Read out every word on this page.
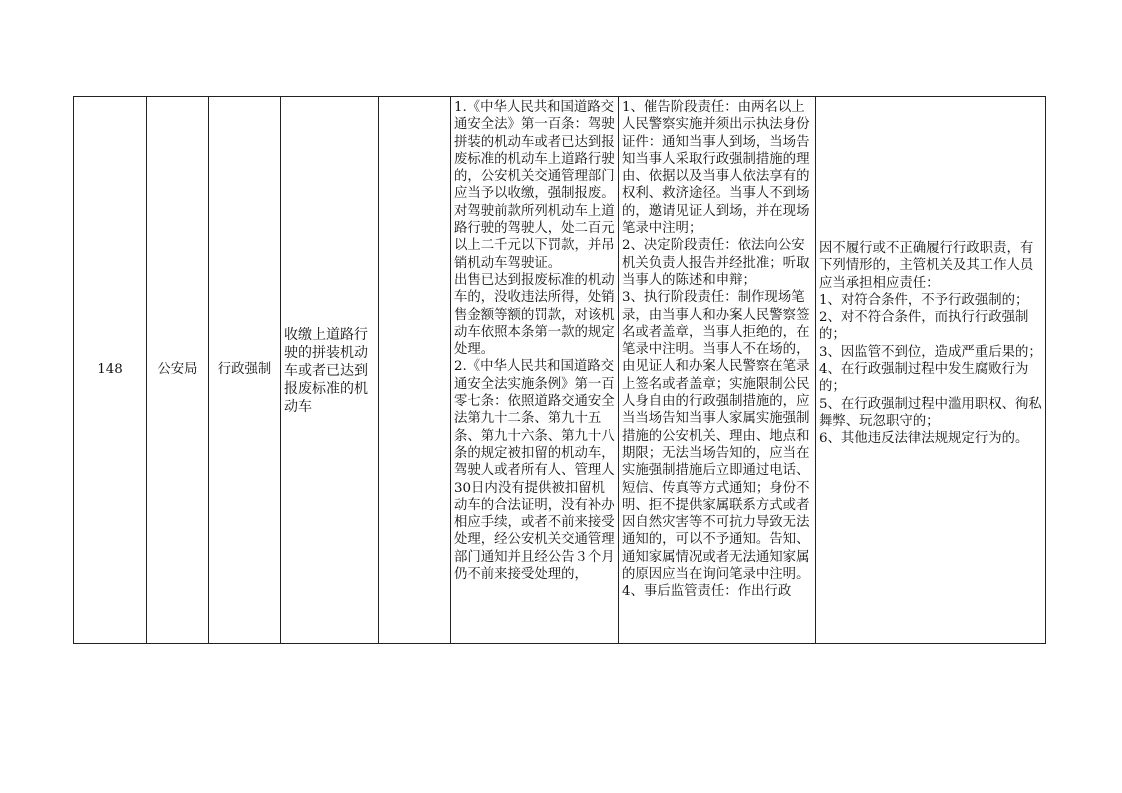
148	公安局 行政强制
收缴上道路行驶的拼装机动车或者已达到报废标准的机动车
1.《中华人民共和国道路交通安全法》第一百条：驾驶拼装的机动车或者已达到报废标准的机动车上道路行驶的，公安机关交通管理部门应当予以收缴，强制报废。
对驾驶前款所列机动车上道路行驶的驾驶人，处二百元以上二千元以下罚款，并吊销机动车驾驶证。
出售已达到报废标准的机动车的，没收违法所得，处销售金额等额的罚款，对该机动车依照本条第一款的规定处理。
2.《中华人民共和国道路交通安全法实施条例》第一百零七条：依照道路交通安全法第九十二条、第九十五条、第九十六条、第九十八条的规定被扣留的机动车，驾驶人或者所有人、管理人30日内没有提供被扣留机动车的合法证明，没有补办相应手续，或者不前来接受处理，经公安机关交通管理部门通知并且经公告３个月仍不前来接受处理的，
1、催告阶段责任：由两名以上人民警察实施并须出示执法身份证件：通知当事人到场，当场告知当事人采取行政强制措施的理由、依据以及当事人依法享有的权利、救济途径。当事人不到场的，邀请见证人到场，并在现场笔录中注明；
2、决定阶段责任：依法向公安机关负责人报告并经批准；听取当事人的陈述和申辩；
3、执行阶段责任：制作现场笔录，由当事人和办案人民警察签名或者盖章，当事人拒绝的，在笔录中注明。当事人不在场的，由见证人和办案人民警察在笔录上签名或者盖章；实施限制公民人身自由的行政强制措施的，应当当场告知当事人家属实施强制措施的公安机关、理由、地点和期限；无法当场告知的，应当在实施强制措施后立即通过电话、短信、传真等方式通知；身份不明、拒不提供家属联系方式或者因自然灾害等不可抗力导致无法通知的，可以不予通知。告知、通知家属情况或者无法通知家属的原因应当在询问笔录中注明。
4、事后监管责任：作出行政
因不履行或不正确履行行政职责，有下列情形的，主管机关及其工作人员应当承担相应责任：
1、对符合条件，不予行政强制的；
2、对不符合条件，而执行行政强制的；
3、因监管不到位，造成严重后果的；
4、在行政强制过程中发生腐败行为的；
5、在行政强制过程中滥用职权、徇私舞弊、玩忽职守的；
6、其他违反法律法规规定行为的。
